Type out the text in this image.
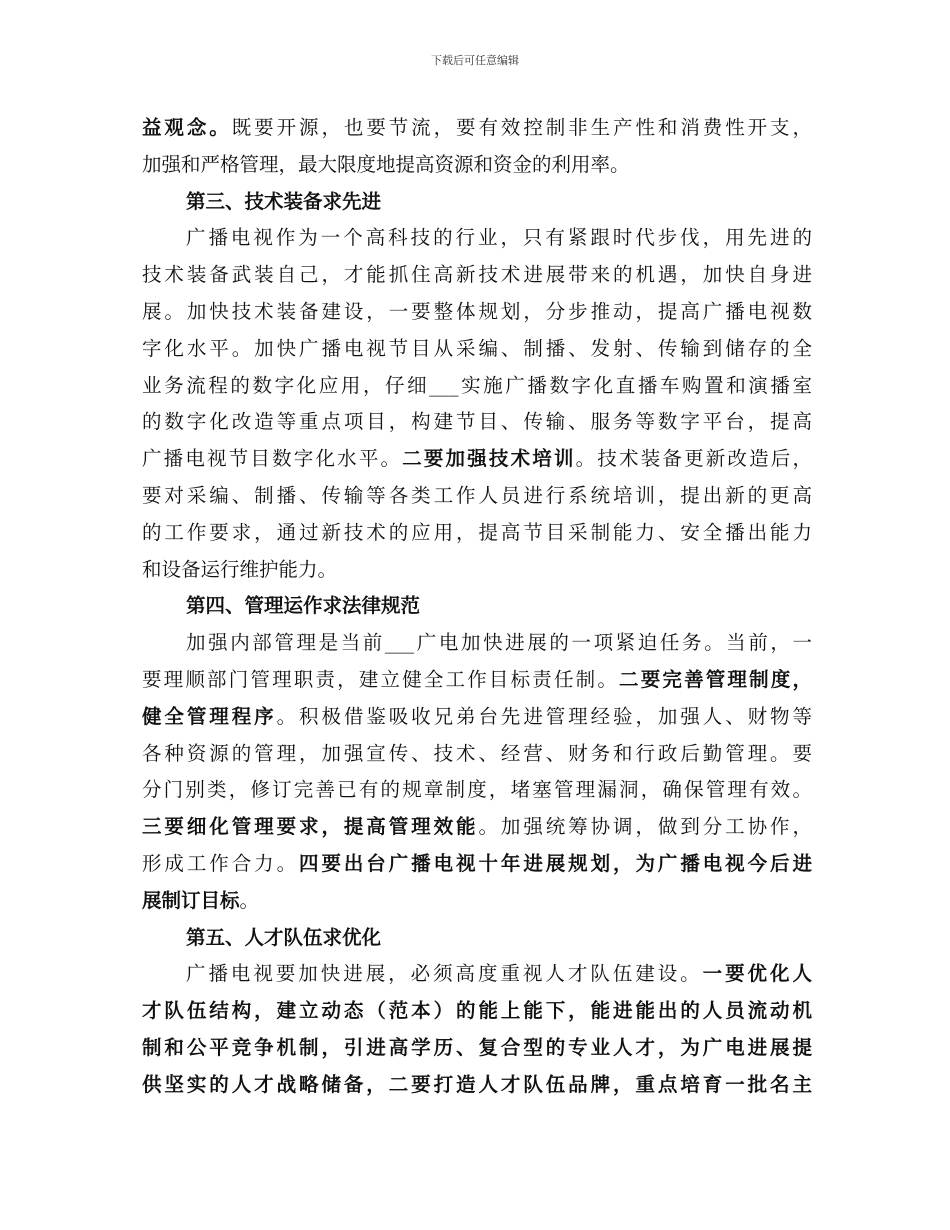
下载后可任意编辑
益观念。既要开源，也要节流，要有效控制非生产性和消费性开支，
加强和严格管理，最大限度地提高资源和资金的利用率。
第三、技术装备求先进
广播电视作为一个高科技的行业，只有紧跟时代步伐，用先进的
技术装备武装自己，才能抓住高新技术进展带来的机遇，加快自身进
展。加快技术装备建设，一要整体规划，分步推动，提高广播电视数
字化水平。加快广播电视节目从采编、制播、发射、传输到储存的全
业务流程的数字化应用，仔细___实施广播数字化直播车购置和演播室
的数字化改造等重点项目，构建节目、传输、服务等数字平台，提高
广播电视节目数字化水平。二要加强技术培训。技术装备更新改造后，
要对采编、制播、传输等各类工作人员进行系统培训，提出新的更高
的工作要求，通过新技术的应用，提高节目采制能力、安全播出能力
和设备运行维护能力。
第四、管理运作求法律规范
加强内部管理是当前___广电加快进展的一项紧迫任务。当前，一
要理顺部门管理职责，建立健全工作目标责任制。二要完善管理制度，
健全管理程序。积极借鉴吸收兄弟台先进管理经验，加强人、财物等
各种资源的管理，加强宣传、技术、经营、财务和行政后勤管理。要
分门别类，修订完善已有的规章制度，堵塞管理漏洞，确保管理有效。
三要细化管理要求，提高管理效能。加强统筹协调，做到分工协作，
形成工作合力。四要出台广播电视十年进展规划，为广播电视今后进
展制订目标。
第五、人才队伍求优化
广播电视要加快进展，必须高度重视人才队伍建设。一要优化人
才队伍结构，建立动态（范本）的能上能下，能进能出的人员流动机
制和公平竞争机制，引进高学历、复合型的专业人才，为广电进展提
供坚实的人才战略储备，二要打造人才队伍品牌，重点培育一批名主
